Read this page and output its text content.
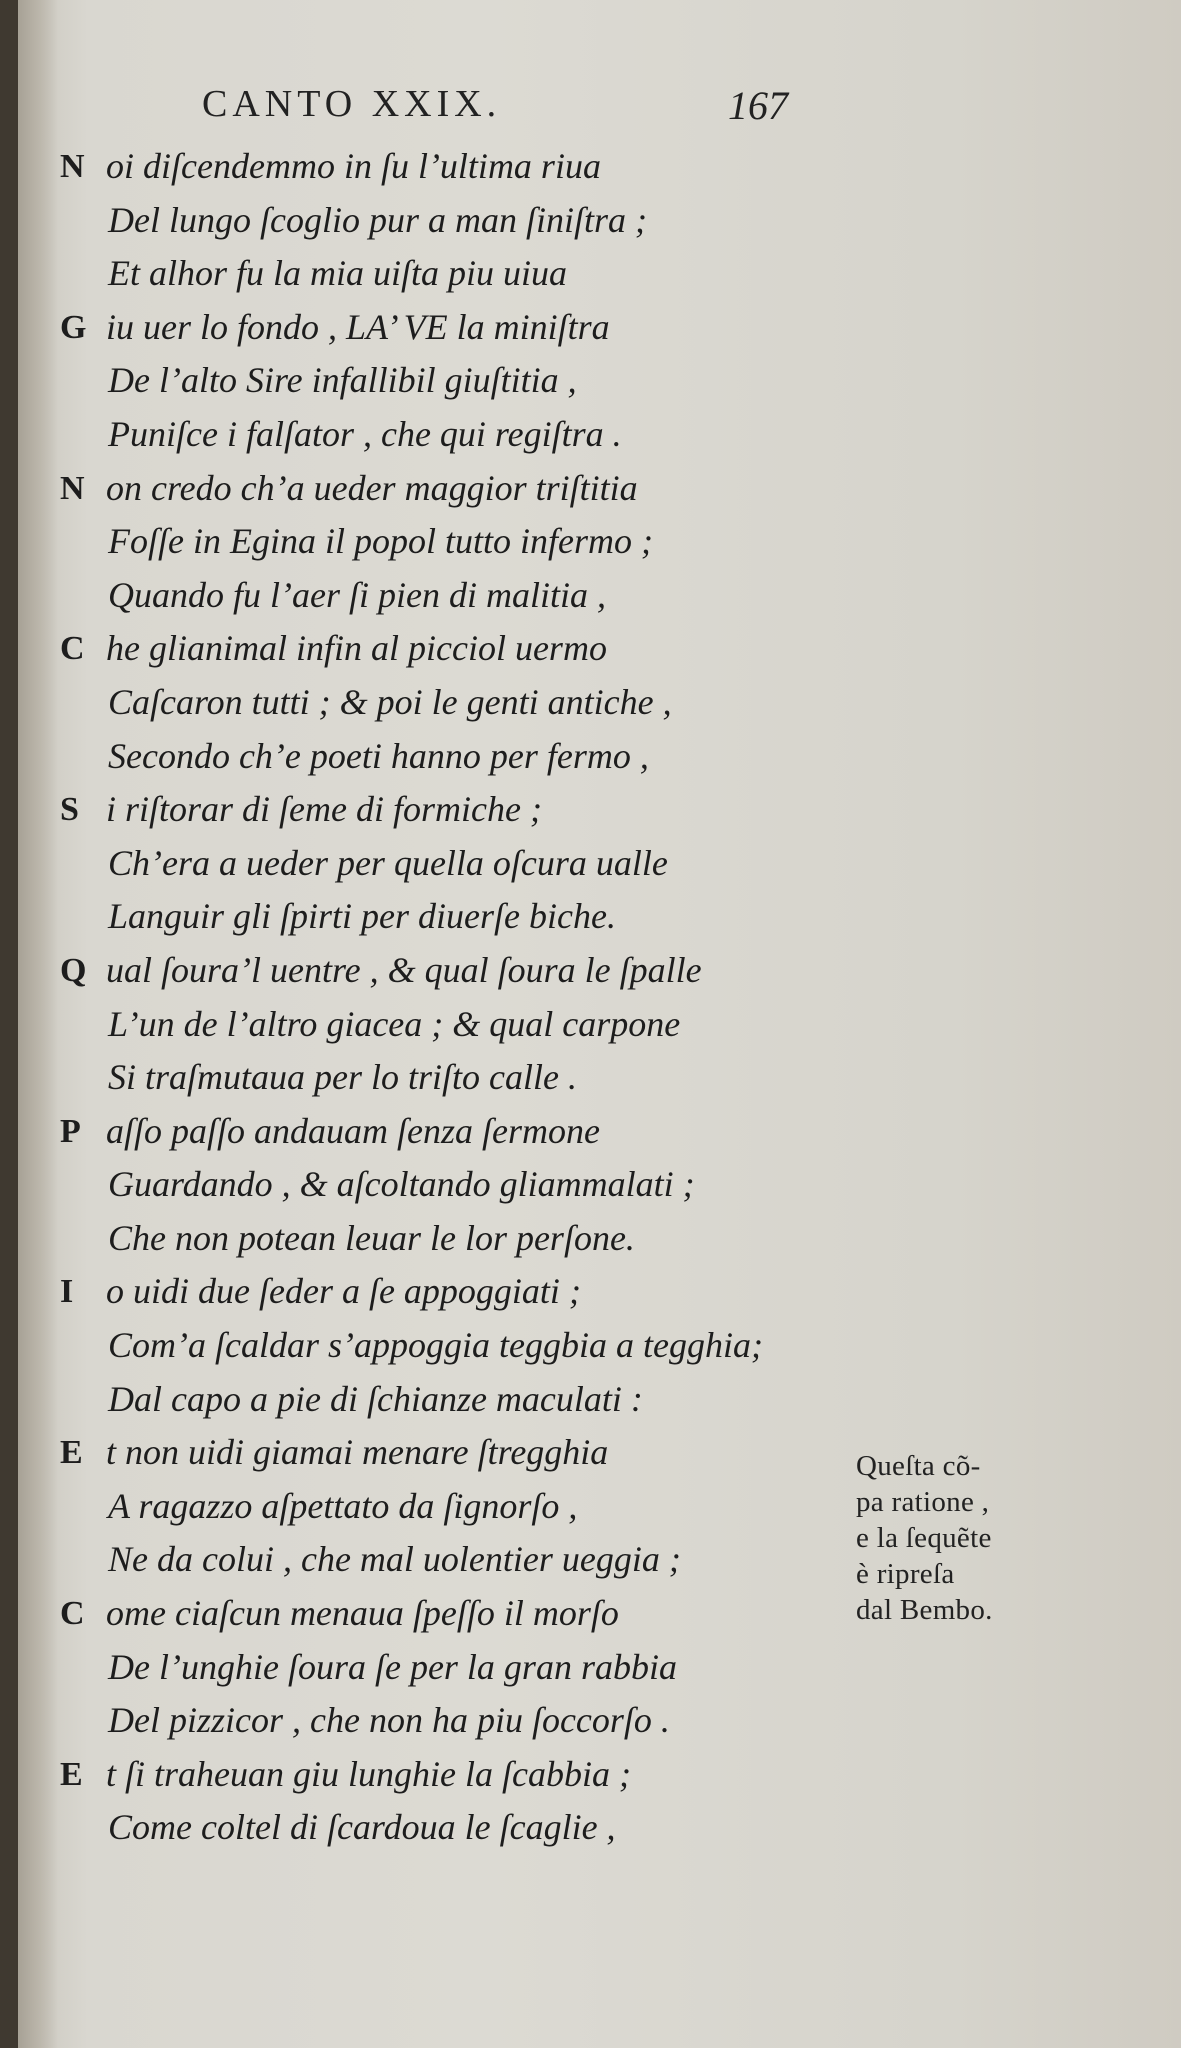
CANTO XXIX.	167
N oi diſcendemmo in ſu l’ultima riua
Del lungo ſcoglio pur a man ſiniſtra ;
Et alhor fu la mia uiſta piu uiua
G iu uer lo fondo , LA’ VE la miniſtra
De l’alto Sire infallibil giuſtitia ,
Puniſce i falſator , che qui regiſtra .
N on credo ch’a ueder maggior triſtitia
Foſſe in Egina il popol tutto infermo ;
Quando fu l’aer ſi pien di malitia ,
C he glianimal infin al picciol uermo
Caſcaron tutti ; & poi le genti antiche ,
Secondo ch’e poeti hanno per fermo ,
S i riſtorar di ſeme di formiche ;
Ch’era a ueder per quella oſcura ualle
Languir gli ſpirti per diuerſe biche.
Q ual ſoura’l uentre , & qual ſoura le ſpalle
L’un de l’altro giacea ; & qual carpone
Si traſmutaua per lo triſto calle .
P aſſo paſſo andauam ſenza ſermone
Guardando , & aſcoltando gliammalati ;
Che non potean leuar le lor perſone.
I o uidi due ſeder a ſe appoggiati ;
Com’a ſcaldar s’appoggia teggbia a tegghia;
Dal capo a pie di ſchianze maculati :
E t non uidi giamai menare ſtregghia
A ragazzo aſpettato da ſignorſo ,
Ne da colui , che mal uolentier ueggia ;
C ome ciaſcun menaua ſpeſſo il morſo
De l’unghie ſoura ſe per la gran rabbia
Del pizzicor , che non ha piu ſoccorſo .
E t ſi traheuan giu lunghie la ſcabbia ;
Come coltel di ſcardoua le ſcaglie ,
Queſta cõ-
pa ratione ,
e la ſequẽte
è ripreſa
dal Bembo.
